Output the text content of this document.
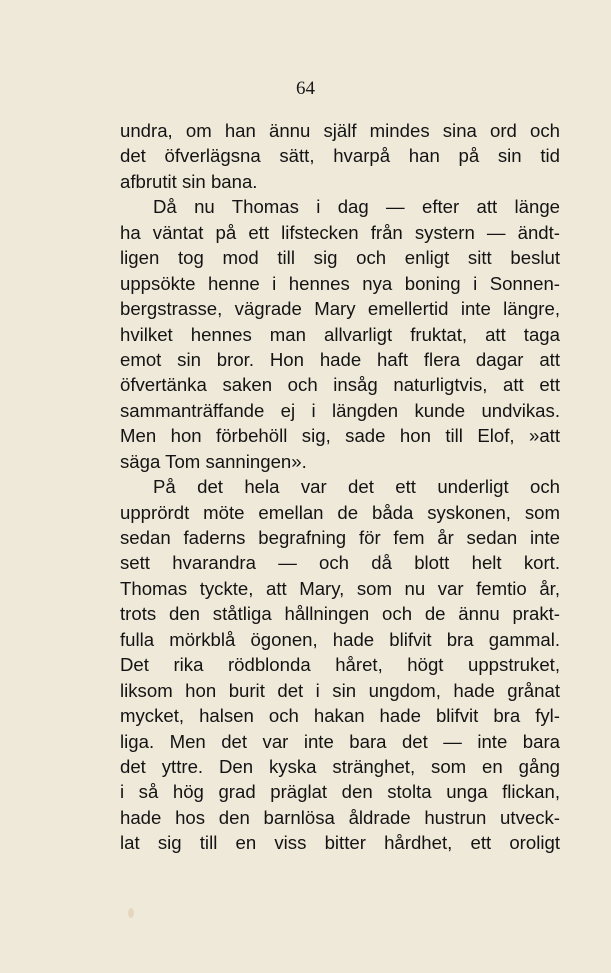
64
undra, om han ännu själf mindes sina ord och
det öfverlägsna sätt, hvarpå han på sin tid
afbrutit sin bana.
Då nu Thomas i dag — efter att länge
ha väntat på ett lifstecken från systern — ändt-
ligen tog mod till sig och enligt sitt beslut
uppsökte henne i hennes nya boning i Sonnen-
bergstrasse, vägrade Mary emellertid inte längre,
hvilket hennes man allvarligt fruktat, att taga
emot sin bror. Hon hade haft flera dagar att
öfvertänka saken och insåg naturligtvis, att ett
sammanträffande ej i längden kunde undvikas.
Men hon förbehöll sig, sade hon till Elof, »att
säga Tom sanningen».
På det hela var det ett underligt och
upprördt möte emellan de båda syskonen, som
sedan faderns begrafning för fem år sedan inte
sett hvarandra — och då blott helt kort.
Thomas tyckte, att Mary, som nu var femtio år,
trots den ståtliga hållningen och de ännu prakt-
fulla mörkblå ögonen, hade blifvit bra gammal.
Det rika rödblonda håret, högt uppstruket,
liksom hon burit det i sin ungdom, hade grånat
mycket, halsen och hakan hade blifvit bra fyl-
liga. Men det var inte bara det — inte bara
det yttre. Den kyska stränghet, som en gång
i så hög grad präglat den stolta unga flickan,
hade hos den barnlösa åldrade hustrun utveck-
lat sig till en viss bitter hårdhet, ett oroligt
